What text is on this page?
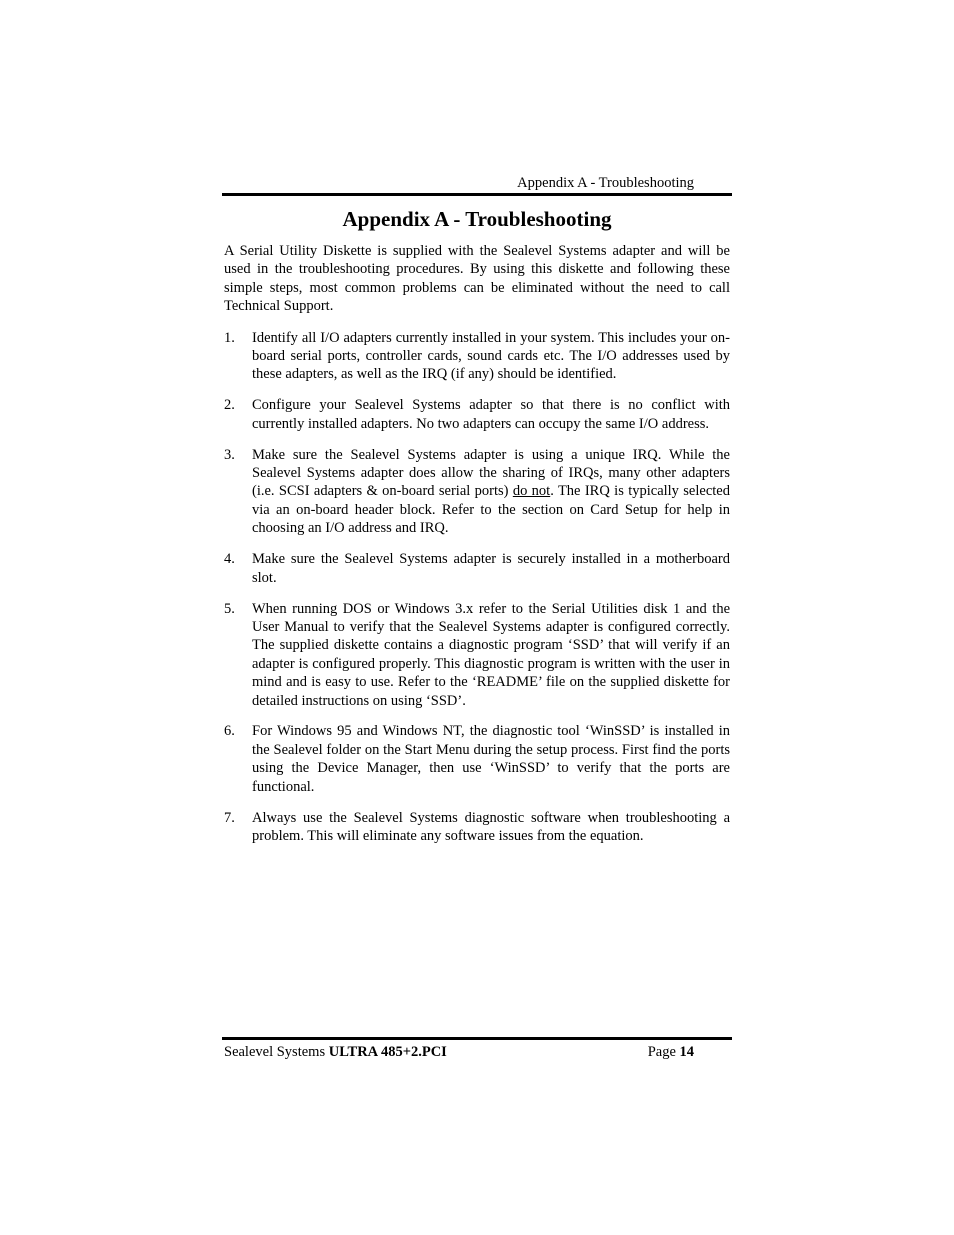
Appendix A - Troubleshooting
Appendix A - Troubleshooting

A Serial Utility Diskette is supplied with the Sealevel Systems adapter and will be used in the troubleshooting procedures. By using this diskette and following these simple steps, most common problems can be eliminated without the need to call Technical Support.

1.	Identify all I/O adapters currently installed in your system. This includes your on-board serial ports, controller cards, sound cards etc. The I/O addresses used by these adapters, as well as the IRQ (if any) should be identified.
2.	Configure your Sealevel Systems adapter so that there is no conflict with currently installed adapters. No two adapters can occupy the same I/O address.
3.	Make sure the Sealevel Systems adapter is using a unique IRQ. While the Sealevel Systems adapter does allow the sharing of IRQs, many other adapters (i.e. SCSI adapters & on-board serial ports) do not. The IRQ is typically selected via an on-board header block. Refer to the section on Card Setup for help in choosing an I/O address and IRQ.
4.	Make sure the Sealevel Systems adapter is securely installed in a motherboard slot.
5.	When running DOS or Windows 3.x refer to the Serial Utilities disk 1 and the User Manual to verify that the Sealevel Systems adapter is configured correctly. The supplied diskette contains a diagnostic program ‘SSD’ that will verify if an adapter is configured properly. This diagnostic program is written with the user in mind and is easy to use. Refer to the ‘README’ file on the supplied diskette for detailed instructions on using ‘SSD’.
6.	For Windows 95 and Windows NT, the diagnostic tool ‘WinSSD’ is installed in the Sealevel folder on the Start Menu during the setup process. First find the ports using the Device Manager, then use ‘WinSSD’ to verify that the ports are functional.
7.	Always use the Sealevel Systems diagnostic software when troubleshooting a problem. This will eliminate any software issues from the equation.
Sealevel Systems ULTRA 485+2.PCI	Page 14
